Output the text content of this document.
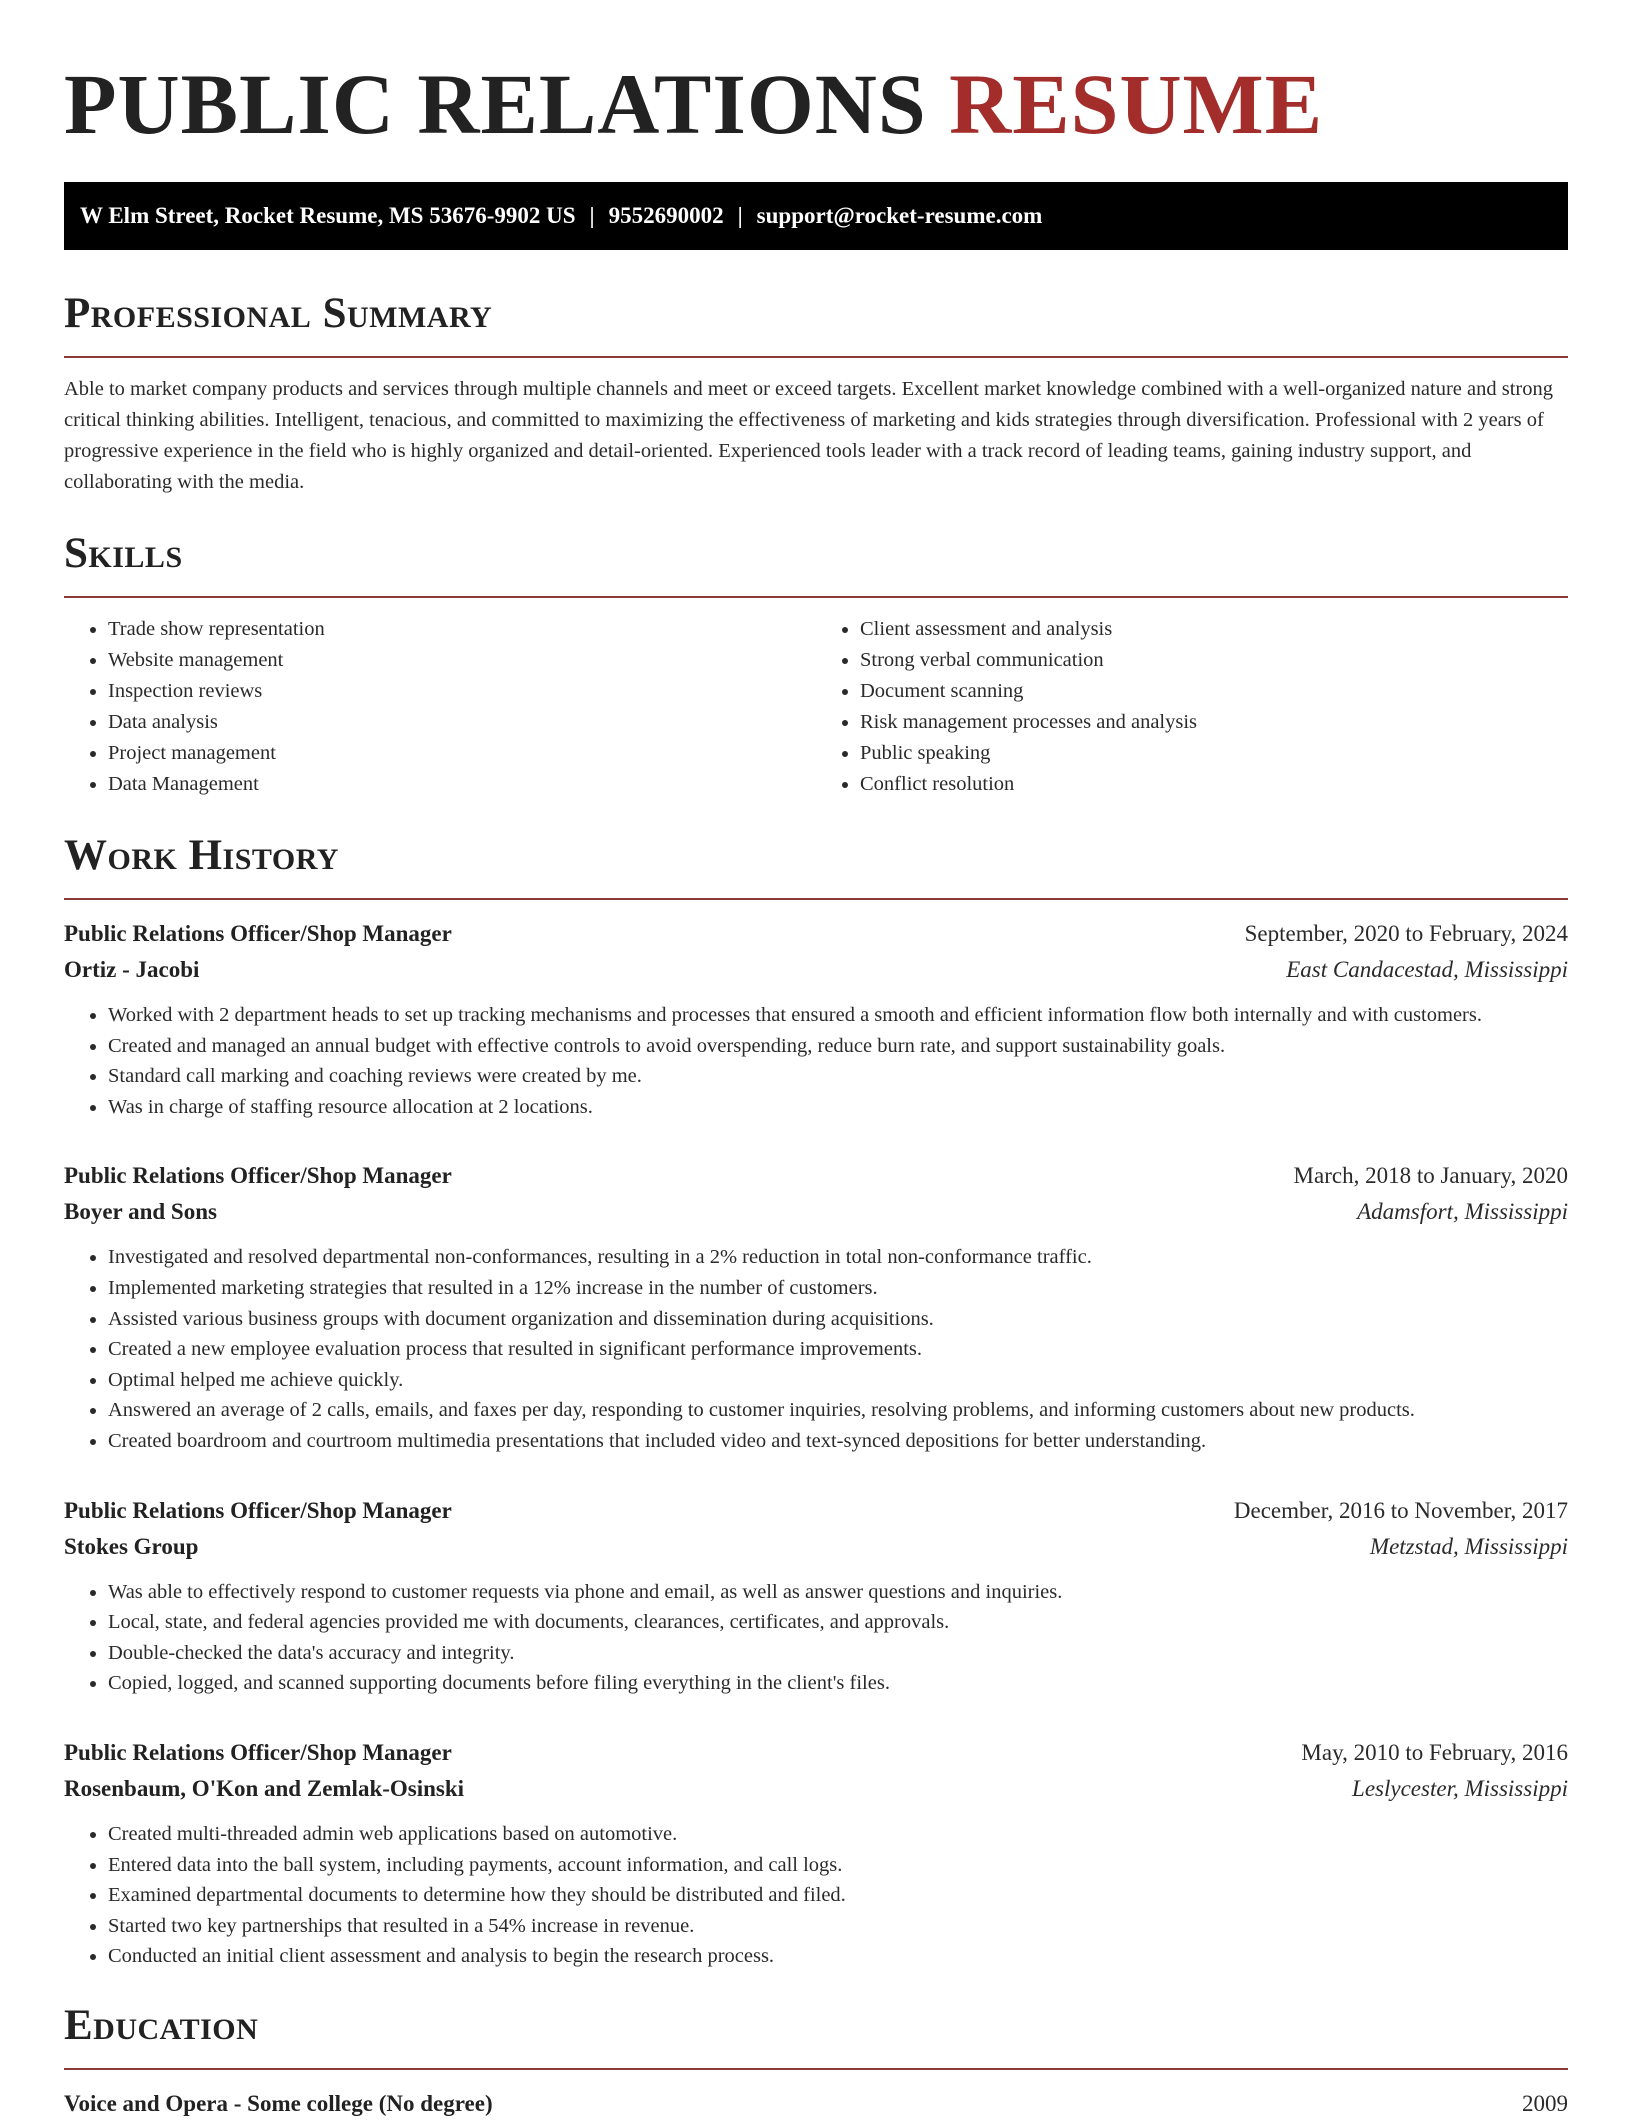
PUBLIC RELATIONS RESUME
W Elm Street, Rocket Resume, MS 53676-9902 US | 9552690002 | support@rocket-resume.com
Professional Summary

Able to market company products and services through multiple channels and meet or exceed targets. Excellent market knowledge combined with a well-organized nature and strong critical thinking abilities. Intelligent, tenacious, and committed to maximizing the effectiveness of marketing and kids strategies through diversification. Professional with 2 years of progressive experience in the field who is highly organized and detail-oriented. Experienced tools leader with a track record of leading teams, gaining industry support, and collaborating with the media.

Skills
• Trade show representation
• Website management
• Inspection reviews
• Data analysis
• Project management
• Data Management
• Client assessment and analysis
• Strong verbal communication
• Document scanning
• Risk management processes and analysis
• Public speaking
• Conflict resolution
Work History
Public Relations Officer/Shop Manager	September, 2020 to February, 2024
Ortiz - Jacobi	East Candacestad, Mississippi
• Worked with 2 department heads to set up tracking mechanisms and processes that ensured a smooth and efficient information flow both internally and with customers.
• Created and managed an annual budget with effective controls to avoid overspending, reduce burn rate, and support sustainability goals.
• Standard call marking and coaching reviews were created by me.
• Was in charge of staffing resource allocation at 2 locations.
Public Relations Officer/Shop Manager	March, 2018 to January, 2020
Boyer and Sons	Adamsfort, Mississippi
• Investigated and resolved departmental non-conformances, resulting in a 2% reduction in total non-conformance traffic.
• Implemented marketing strategies that resulted in a 12% increase in the number of customers.
• Assisted various business groups with document organization and dissemination during acquisitions.
• Created a new employee evaluation process that resulted in significant performance improvements.
• Optimal helped me achieve quickly.
• Answered an average of 2 calls, emails, and faxes per day, responding to customer inquiries, resolving problems, and informing customers about new products.
• Created boardroom and courtroom multimedia presentations that included video and text-synced depositions for better understanding.
Public Relations Officer/Shop Manager	December, 2016 to November, 2017
Stokes Group	Metzstad, Mississippi
• Was able to effectively respond to customer requests via phone and email, as well as answer questions and inquiries.
• Local, state, and federal agencies provided me with documents, clearances, certificates, and approvals.
• Double-checked the data's accuracy and integrity.
• Copied, logged, and scanned supporting documents before filing everything in the client's files.
Public Relations Officer/Shop Manager	May, 2010 to February, 2016
Rosenbaum, O'Kon and Zemlak-Osinski	Leslycester, Mississippi
• Created multi-threaded admin web applications based on automotive.
• Entered data into the ball system, including payments, account information, and call logs.
• Examined departmental documents to determine how they should be distributed and filed.
• Started two key partnerships that resulted in a 54% increase in revenue.
• Conducted an initial client assessment and analysis to begin the research process.
Education
Voice and Opera - Some college (No degree)	2009
